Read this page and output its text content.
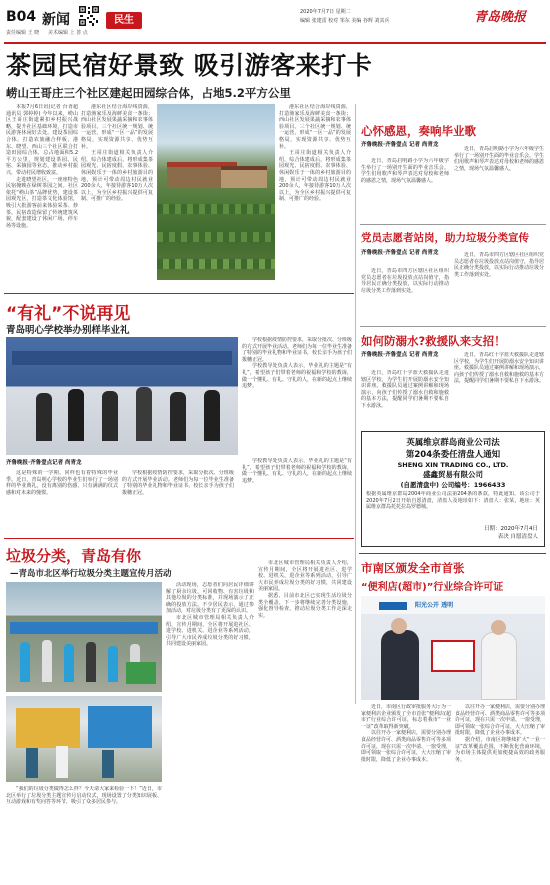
B04 新闻
责任编辑 王 晓 美术编辑 上 善 点
民生
2020年7月7日 星期二
编辑 张建雷 校对 邹东 美编 谷辉 刘其兵	青岛晚报
茶园民宿好景致 吸引游客来打卡
崂山王哥庄三个社区建起田园综合体，占地5.2平方公里

本报7月6日讯(记者 台胥超 通讯员 郭婷婷) 今年以来，崂山区王哥庄街道紧扣乡村振兴战略，提升社区基础环境，打造市民游客休闲好去处。建设茶园综合体，打造农旅融合样板，港东、晓望、西山三个社区联合打造田园综合体，总占地面积5.2平方公里，规划建设茶园、民宿、采摘园等业态，推动乡村振兴，带动村民增收致富。

走进晓望社区，一座座特色民宿掩映在绿树茶园之间。社区依托“崂山茶”品牌优势，建设茶园观光区，打造茶文化体验馆，吸引大批游客前来体验采茶、炒茶。民宿改造保留了传统建筑风貌，配套建设了休闲广场、停车场等设施。

港东社区结合海岸线资源，打造渔家乐及海鲜美食一条街；西山社区发展果蔬采摘和农事体验项目。三个社区统一规划、统一运营，形成“一区一品”的发展格局，实现资源共享、优势互补。

王哥庄街道相关负责人介绍，综合体建成后，将形成集茶园观光、民宿度假、农事体验、休闲娱乐于一体的乡村旅游目的地，预计可带动周边村民就业200余人，年接待游客10万人次以上，为全区乡村振兴提供可复制、可推广的经验。

港东社区结合海岸线资源，打造渔家乐及海鲜美食一条街；西山社区发展果蔬采摘和农事体验项目。三个社区统一规划、统一运营，形成“一区一品”的发展格局，实现资源共享、优势互补。

王哥庄街道相关负责人介绍，综合体建成后，将形成集茶园观光、民宿度假、农事体验、休闲娱乐于一体的乡村旅游目的地，预计可带动周边村民就业200余人，年接待游客10万人次以上，为全区乡村振兴提供可复制、可推广的经验。

心怀感恩，奏响毕业歌
齐鲁晚报·齐鲁壹点 记者 尚青龙

近日，青岛启明路小学为六年级学生举行了一场别开生面的毕业音乐会。学生们用歌声和琴声表达对母校和老师的感恩之情，现场气氛温馨感人。

近日，青岛启明路小学为六年级学生举行了一场别开生面的毕业音乐会。学生们用歌声和琴声表达对母校和老师的感恩之情，现场气氛温馨感人。

党员志愿者站岗，助力垃圾分类宣传
齐鲁晚报·齐鲁壹点 记者 尚青龙

近日，青岛市四方区辖区社区组织党员志愿者在垃圾投放点站岗值守，指导居民正确分类投放，以实际行动推动垃圾分类工作落到实处。

近日，青岛市四方区辖区社区组织党员志愿者在垃圾投放点站岗值守，指导居民正确分类投放，以实际行动推动垃圾分类工作落到实处。

如何防溺水?救援队来支招！
齐鲁晚报·齐鲁壹点 记者 尚青龙

近日，青岛红十字蓝天救援队走进辖区学校，为学生们开展防溺水安全知识讲座。救援队员通过案例讲解和现场演示，向孩子们传授了溺水自救和施救的基本方法，提醒同学们暑期不要私自下水游泳。

近日，青岛红十字蓝天救援队走进辖区学校，为学生们开展防溺水安全知识讲座。救援队员通过案例讲解和现场演示，向孩子们传授了溺水自救和施救的基本方法，提醒同学们暑期不要私自下水游泳。

英属维京群岛商业公司法
第204条委任清盘人通知
SHENG XIN TRADING CO., LTD.
盛鑫贸易有限公司
(自愿清盘中) 公司编号：1966433
根据英属维京群岛2004年商业公司法第204条的条款，特此通知，该公司于2020年7月2日开始自愿清盘，清盘人及地址如下：清盘人：张某，地址：英属维京群岛托托拉岛罗德城。
日期：2020年7月4日
表决 自愿清盘人
“有礼”不说再见
青岛明心学校举办别样毕业礼

学校根据疫情防控要求，采取分批次、分班级的方式开展毕业活动。老师们为每一位毕业生准备了特别的毕业礼物和毕业证书，校长亲手为孩子们拨穗正冠。

学校教导处负责人表示，毕业礼的主题是“有礼”，希望孩子们带着老师的祝福和学校的教诲，做一个懂礼、有礼、守礼的人，在新的起点上继续追梦。

齐鲁晚报·齐鲁壹点记者 尚青龙

这是特殊的一学期，同样也有着特殊的毕业季。近日，青岛明心学校的毕业生们举行了一场别样的毕业典礼，没有离别的伤感，只有满满的仪式感和对未来的憧憬。

学校根据疫情防控要求，采取分批次、分班级的方式开展毕业活动。老师们为每一位毕业生准备了特别的毕业礼物和毕业证书，校长亲手为孩子们拨穗正冠。

学校教导处负责人表示，毕业礼的主题是“有礼”，希望孩子们带着老师的祝福和学校的教诲，做一个懂礼、有礼、守礼的人，在新的起点上继续追梦。

垃圾分类，青岛有你
—青岛市北区举行垃圾分类主题宣传月活动

活动现场，志愿者们向居民详细讲解了厨余垃圾、可回收物、有害垃圾和其他垃圾的分类标准，并现场演示了正确的投放方法。不少居民表示，通过参加活动，对垃圾分类有了更深的认识。

市北区城市管理局相关负责人介绍，宣传月期间，全区将开展进社区、进学校、进机关、进企业等系列活动，引导广大市民养成垃圾分类的好习惯，共同建设美丽家园。

市北区城市管理局相关负责人介绍，宣传月期间，全区将开展进社区、进学校、进机关、进企业等系列活动，引导广大市民养成垃圾分类的好习惯，共同建设美丽家园。

据悉，目前市北区已实现生活垃圾分类全覆盖，下一步将继续完善分类设施，强化督导检查，推动垃圾分类工作走深走实。

“我们的垃圾分类做得怎么样？今天请大家来检验一下！”近日，市北区举行了垃圾分类主题宣传月启动仪式，现场设置了分类知识展板、互动游戏和有奖问答等环节，吸引了众多居民参与。

市南区颁发全市首张
“便利店(超市)”行业综合许可证
阳光公开 透明

近日，市南区行政审批服务大厅为一家便利店企业颁发了全市首张“便利店(超市)”行业综合许可证，标志着我市“一业一证”改革取得新突破。

以往开办一家便利店，需要分别办理食品经营许可、酒类商品零售许可等多项许可证，现在只需一次申请、一窗受理，即可领取一张综合许可证，大大压缩了审批时限，降低了企业办事成本。

以往开办一家便利店，需要分别办理食品经营许可、酒类商品零售许可等多项许可证，现在只需一次申请、一窗受理，即可领取一张综合许可证，大大压缩了审批时限，降低了企业办事成本。

据介绍，市南区将继续扩大“一业一证”改革覆盖范围，不断优化营商环境，为市场主体提供更加便捷高效的政务服务。
